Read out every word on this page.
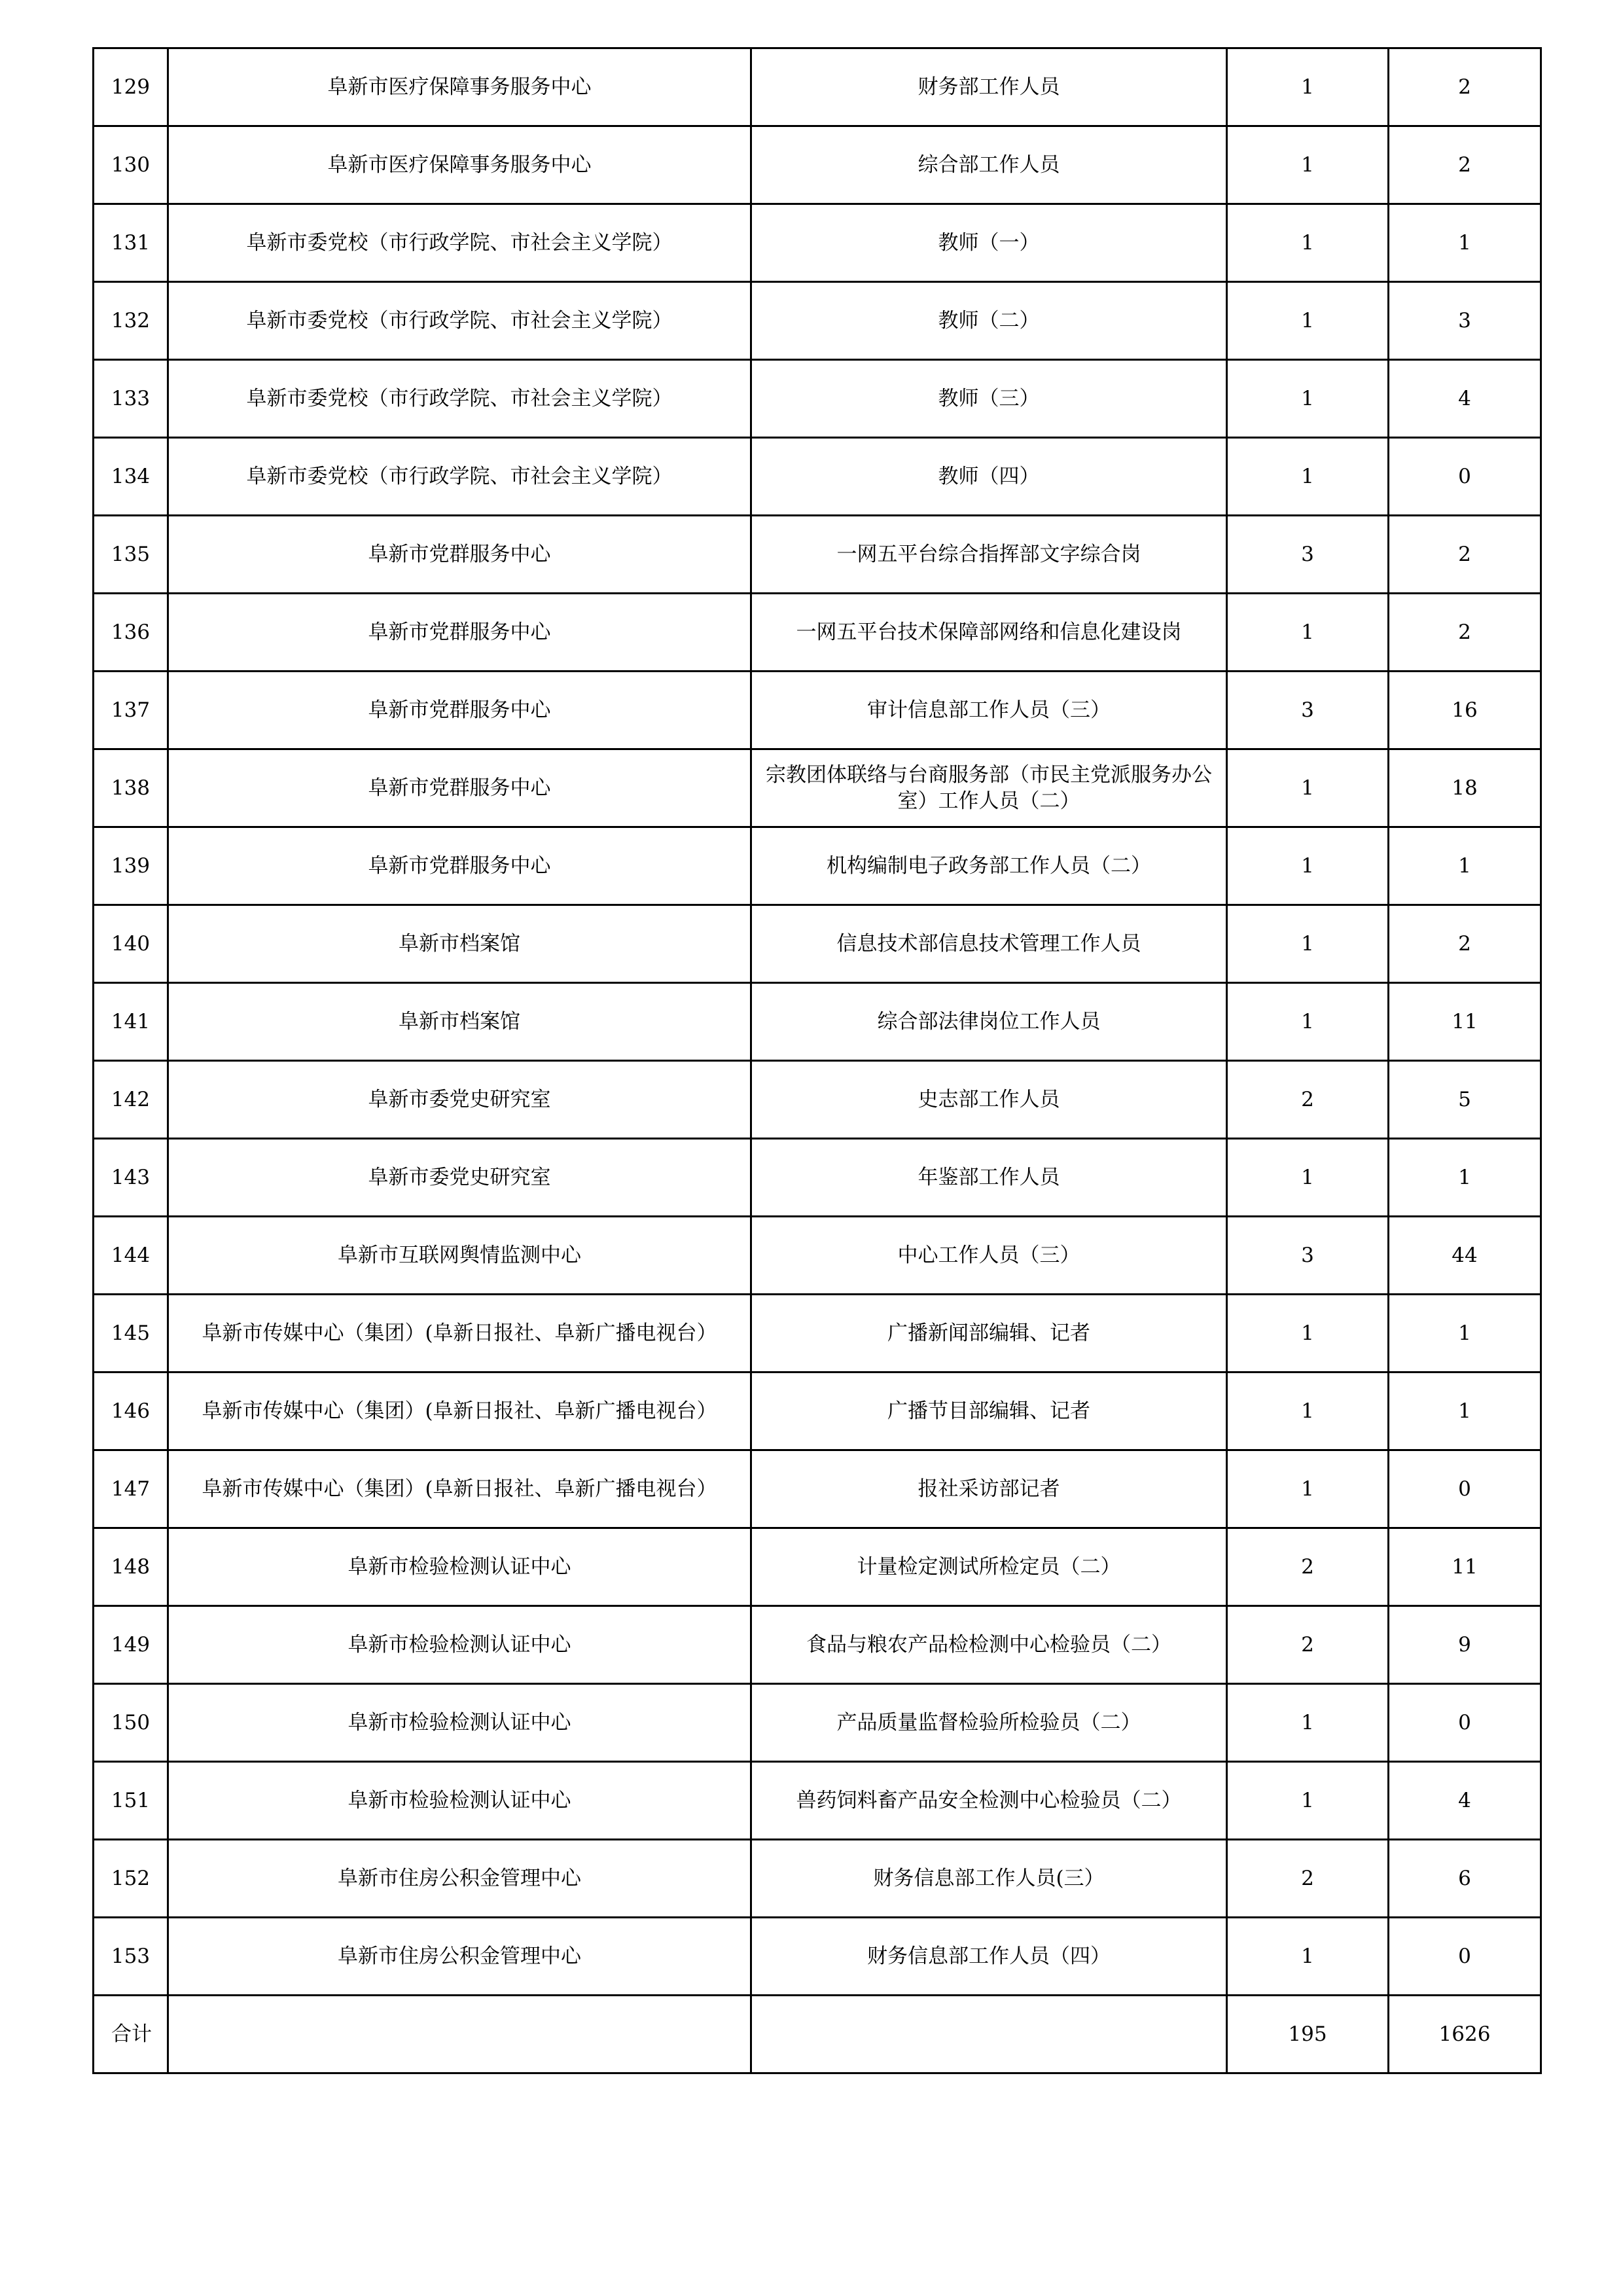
129	阜新市医疗保障事务服务中心	财务部工作人员	1	2
130	阜新市医疗保障事务服务中心	综合部工作人员	1	2
131	阜新市委党校（市行政学院、市社会主义学院）	教师（一）	1	1
132	阜新市委党校（市行政学院、市社会主义学院）	教师（二）	1	3
133	阜新市委党校（市行政学院、市社会主义学院）	教师（三）	1	4
134	阜新市委党校（市行政学院、市社会主义学院）	教师（四）	1	0
135	阜新市党群服务中心	一网五平台综合指挥部文字综合岗	3	2
136	阜新市党群服务中心	一网五平台技术保障部网络和信息化建设岗	1	2
137	阜新市党群服务中心	审计信息部工作人员（三）	3	16
138	阜新市党群服务中心	宗教团体联络与台商服务部（市民主党派服务办公室）工作人员（二）	1	18
139	阜新市党群服务中心	机构编制电子政务部工作人员（二）	1	1
140	阜新市档案馆	信息技术部信息技术管理工作人员	1	2
141	阜新市档案馆	综合部法律岗位工作人员	1	11
142	阜新市委党史研究室	史志部工作人员	2	5
143	阜新市委党史研究室	年鉴部工作人员	1	1
144	阜新市互联网舆情监测中心	中心工作人员（三）	3	44
145	阜新市传媒中心（集团）(阜新日报社、阜新广播电视台）	广播新闻部编辑、记者	1	1
146	阜新市传媒中心（集团）(阜新日报社、阜新广播电视台）	广播节目部编辑、记者	1	1
147	阜新市传媒中心（集团）(阜新日报社、阜新广播电视台）	报社采访部记者	1	0
148	阜新市检验检测认证中心	计量检定测试所检定员（二）	2	11
149	阜新市检验检测认证中心	食品与粮农产品检检测中心检验员（二）	2	9
150	阜新市检验检测认证中心	产品质量监督检验所检验员（二）	1	0
151	阜新市检验检测认证中心	兽药饲料畜产品安全检测中心检验员（二）	1	4
152	阜新市住房公积金管理中心	财务信息部工作人员(三）	2	6
153	阜新市住房公积金管理中心	财务信息部工作人员（四）	1	0
合计			195	1626
